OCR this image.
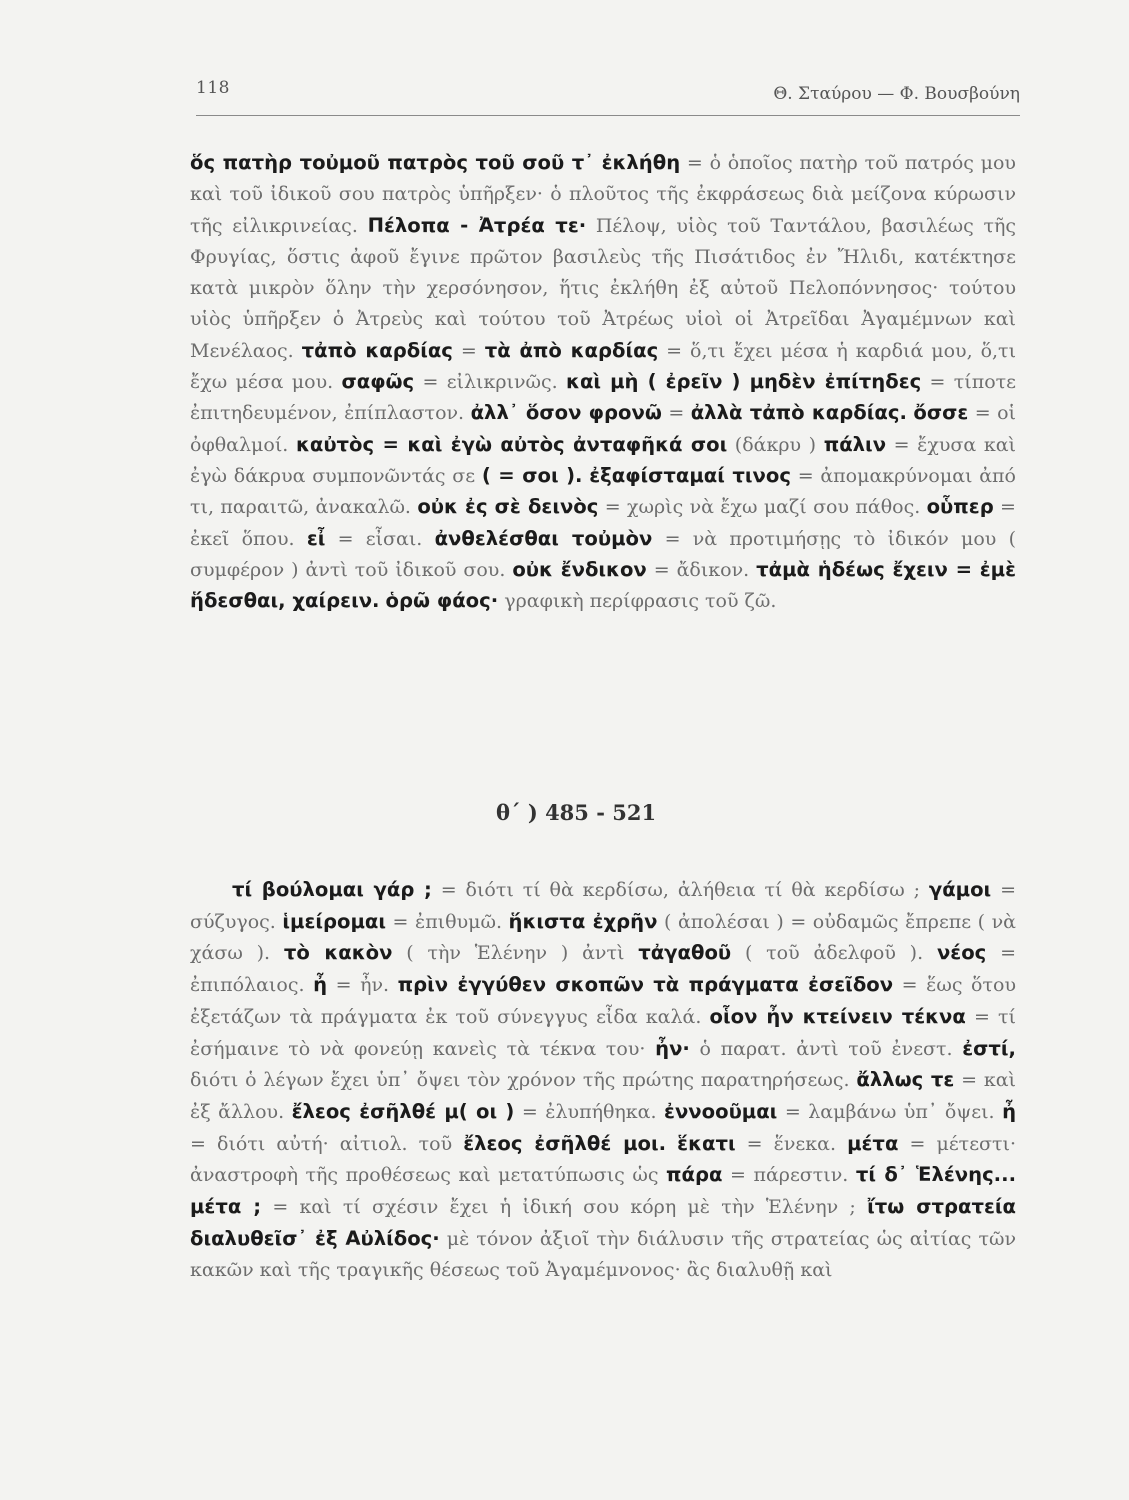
118	Θ. Σταύρου — Φ. Βουσβούνη

ὅς πατὴρ τοὐμοῦ πατρὸς τοῦ σοῦ τ᾽ ἐκλήθη = ὁ ὁποῖος πατὴρ τοῦ πατρός μου καὶ τοῦ ἰδικοῦ σου πατρὸς ὑπῆρξεν· ὁ πλοῦτος τῆς ἐκφράσεως διὰ μείζονα κύρωσιν τῆς εἰλικρινείας. Πέλοπα - Ἀτρέα τε· Πέλοψ, υἱὸς τοῦ Ταντάλου, βασιλέως τῆς Φρυγίας, ὅστις ἀφοῦ ἔγινε πρῶτον βασιλεὺς τῆς Πισάτιδος ἐν Ἤλιδι, κατέκτησε κατὰ μικρὸν ὅλην τὴν χερσόνησον, ἥτις ἐκλήθη ἐξ αὐτοῦ Πελοπόννησος· τούτου υἱὸς ὑπῆρξεν ὁ Ἀτρεὺς καὶ τούτου τοῦ Ἀτρέως υἱοὶ οἱ Ἀτρεῖδαι Ἀγαμέμνων καὶ Μενέλαος. τἀπὸ καρδίας = τὰ ἀπὸ καρδίας = ὅ,τι ἔχει μέσα ἡ καρδιά μου, ὅ,τι ἔχω μέσα μου. σαφῶς = εἰλικρινῶς. καὶ μὴ ( ἐρεῖν ) μηδὲν ἐπίτηδες = τίποτε ἐπιτηδευμένον, ἐπίπλαστον. ἀλλ᾽ ὅσον φρονῶ = ἀλλὰ τἀπὸ καρδίας. ὄσσε = οἱ ὀφθαλμοί. καὐτὸς = καὶ ἐγὼ αὐτὸς ἀνταφῆκά σοι (δάκρυ ) πάλιν = ἔχυσα καὶ ἐγὼ δάκρυα συμπονῶντάς σε ( = σοι ). ἐξαφίσταμαί τινος = ἀπομακρύνομαι ἀπό τι, παραιτῶ, ἀνακαλῶ. οὐκ ἐς σὲ δεινὸς = χωρὶς νὰ ἔχω μαζί σου πάθος. οὗπερ = ἐκεῖ ὅπου. εἶ = εἶσαι. ἀνθελέσθαι τοὐμὸν = νὰ προτιμήσῃς τὸ ἰδικόν μου ( συμφέρον ) ἀντὶ τοῦ ἰδικοῦ σου. οὐκ ἔνδικον = ἄδικον. τἀμὰ ἡδέως ἔχειν = ἐμὲ ἥδεσθαι, χαίρειν. ὁρῶ φάος· γραφικὴ περίφρασις τοῦ ζῶ.

θ΄ ) 485 - 521

τί βούλομαι γάρ ; = διότι τί θὰ κερδίσω, ἀλήθεια τί θὰ κερδίσω ; γάμοι = σύζυγος. ἱμείρομαι = ἐπιθυμῶ. ἥκιστα ἐχρῆν ( ἀπολέσαι ) = οὐδαμῶς ἔπρεπε ( νὰ χάσω ). τὸ κακὸν ( τὴν Ἑλένην ) ἀντὶ τἀγαθοῦ ( τοῦ ἀδελφοῦ ). νέος = ἐπιπόλαιος. ἦ = ἦν. πρὶν ἐγγύθεν σκοπῶν τὰ πράγματα ἐσεῖδον = ἕως ὅτου ἐξετάζων τὰ πράγματα ἐκ τοῦ σύνεγγυς εἶδα καλά. οἷον ἦν κτείνειν τέκνα = τί ἐσήμαινε τὸ νὰ φονεύῃ κανεὶς τὰ τέκνα του· ἦν· ὁ παρατ. ἀντὶ τοῦ ἐνεστ. ἐστί, διότι ὁ λέγων ἔχει ὑπ᾽ ὄψει τὸν χρόνον τῆς πρώτης παρατηρήσεως. ἄλλως τε = καὶ ἐξ ἄλλου. ἔλεος ἐσῆλθέ μ( οι ) = ἐλυπήθηκα. ἐννοοῦμαι = λαμβάνω ὑπ᾽ ὄψει. ἦ = διότι αὐτή· αἰτιολ. τοῦ ἔλεος ἐσῆλθέ μοι. ἕκατι = ἕνεκα. μέτα = μέτεστι· ἀναστροφὴ τῆς προθέσεως καὶ μετατύπωσις ὡς πάρα = πάρεστιν. τί δ᾽ Ἑλένης... μέτα ; = καὶ τί σχέσιν ἔχει ἡ ἰδική σου κόρη μὲ τὴν Ἑλένην ; ἴτω στρατεία διαλυθεῖσ᾽ ἐξ Αὐλίδος· μὲ τόνον ἀξιοῖ τὴν διάλυσιν τῆς στρατείας ὡς αἰτίας τῶν κακῶν καὶ τῆς τραγικῆς θέσεως τοῦ Ἀγαμέμνονος· ἂς διαλυθῇ καὶ
